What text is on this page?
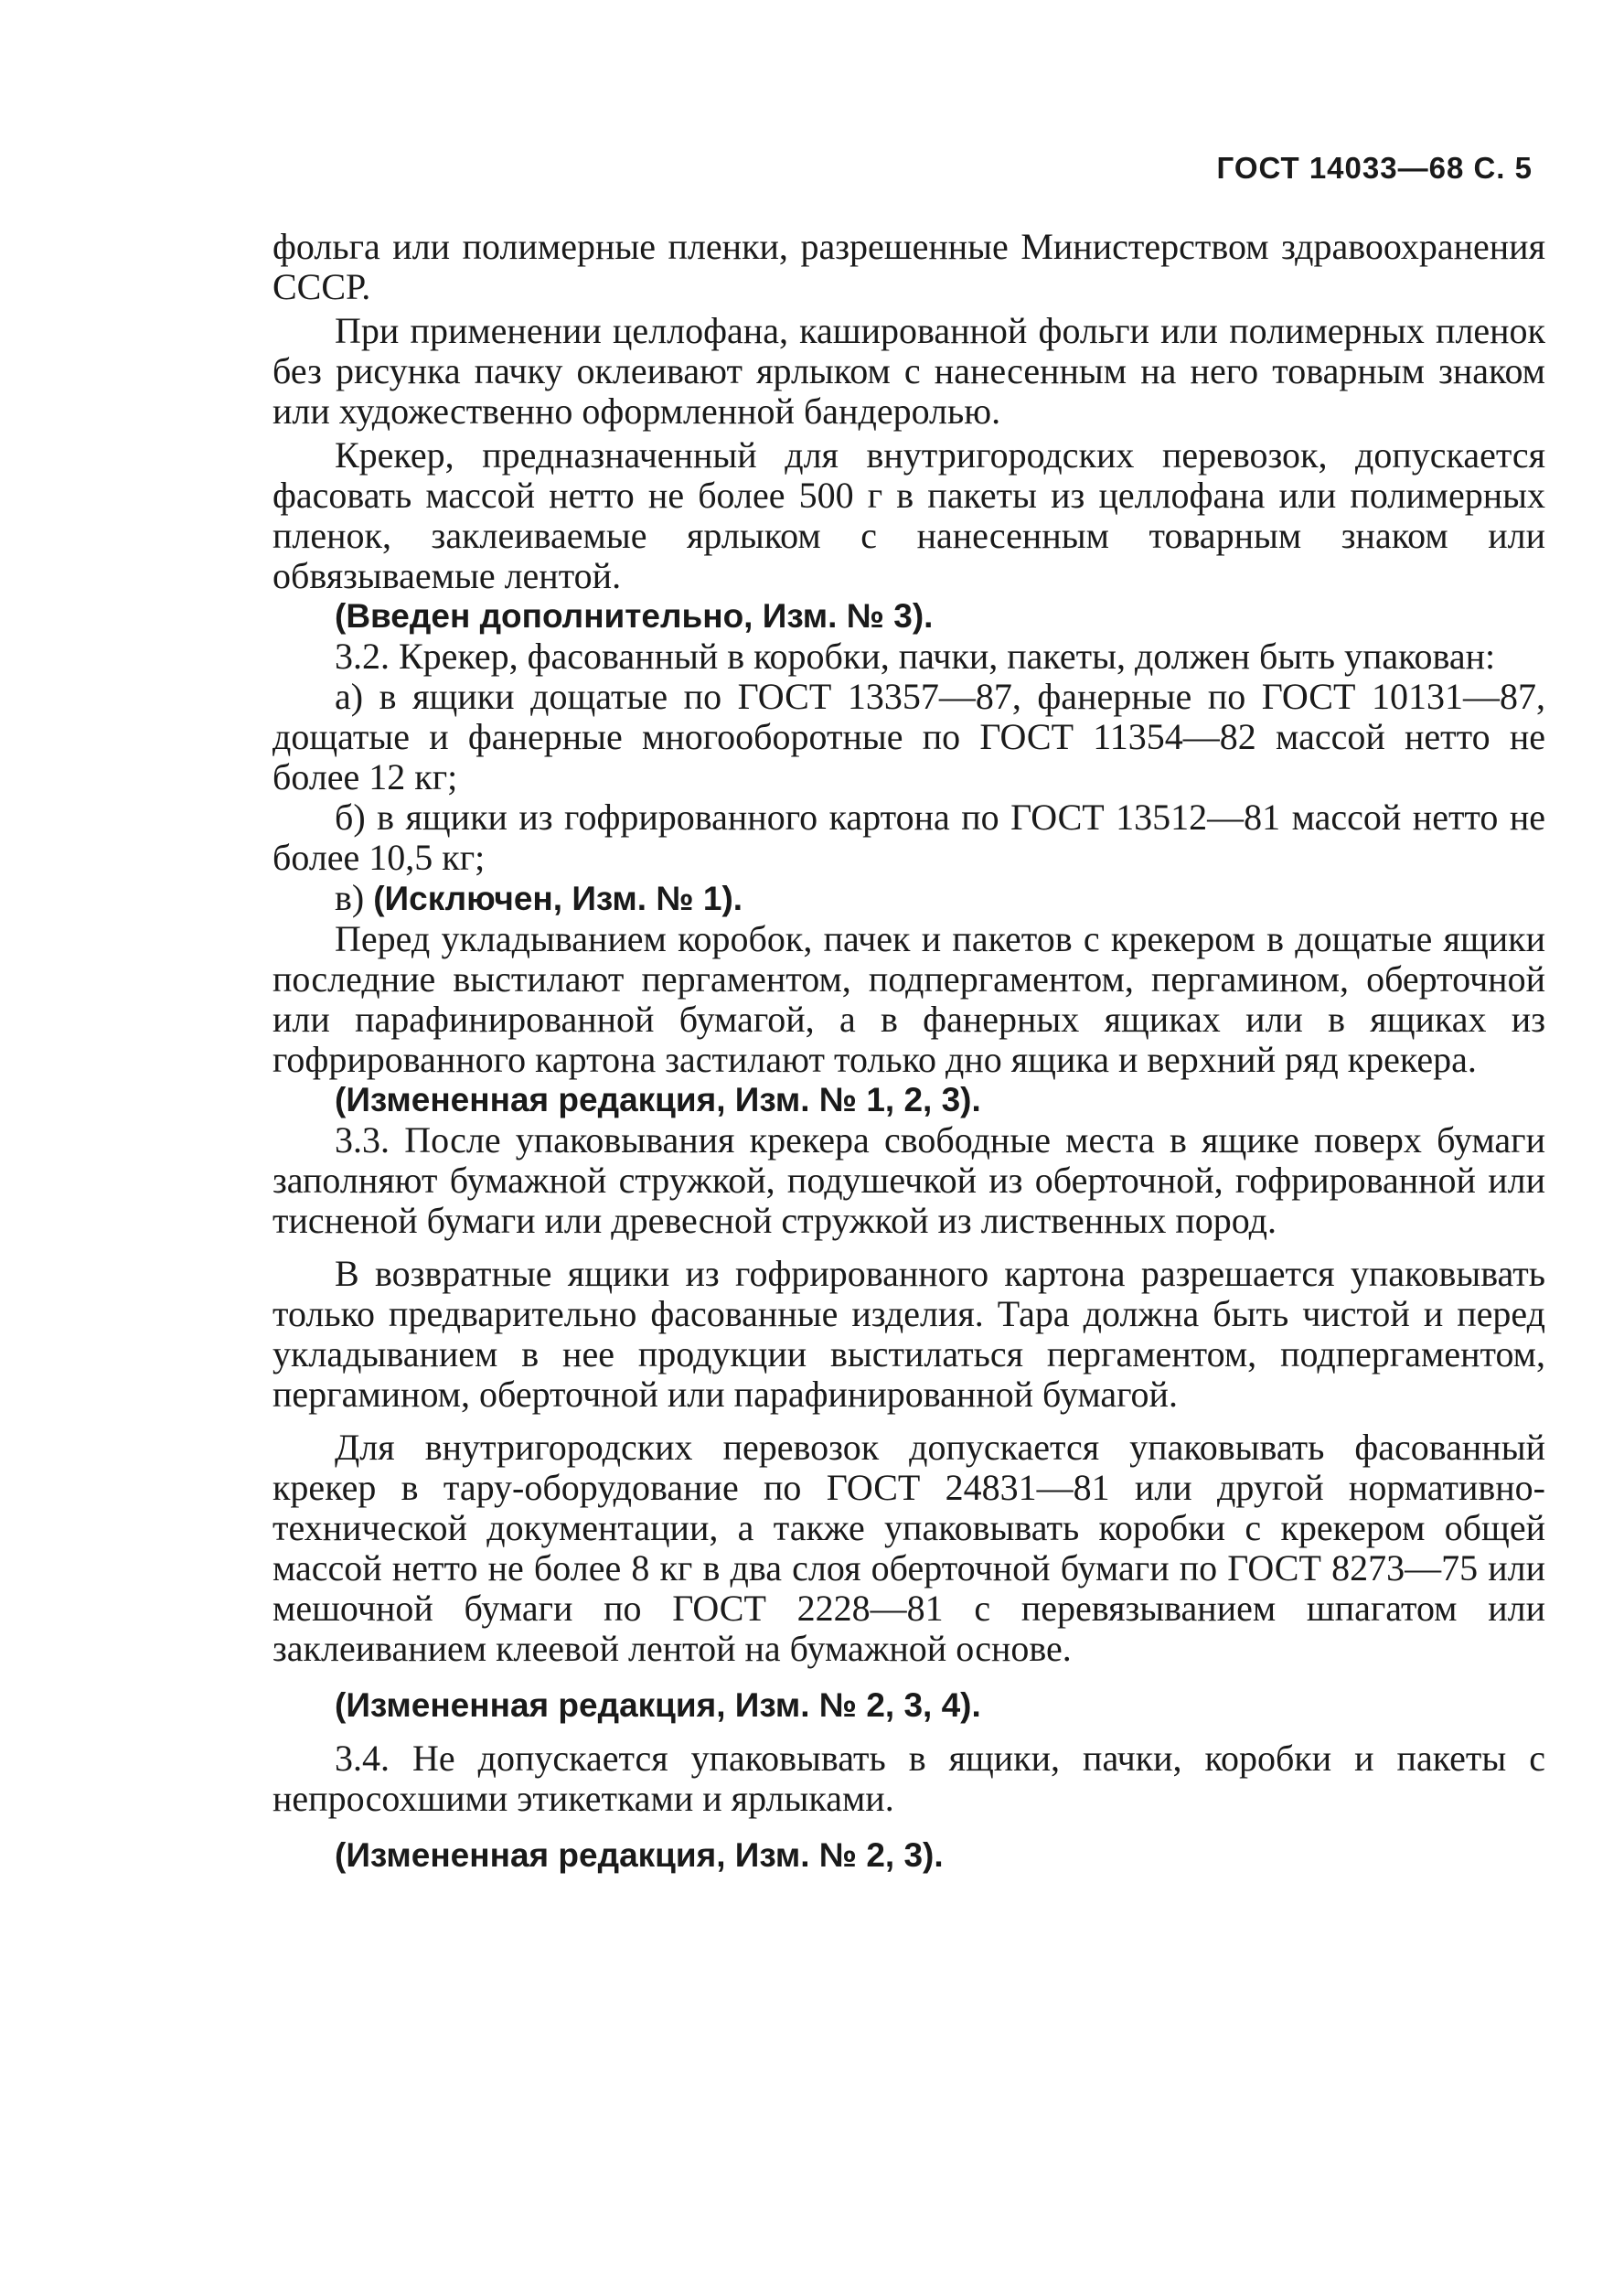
ГОСТ 14033—68 С. 5

фольга или полимерные пленки, разрешенные Министерством здравоохранения СССР.

При применении целлофана, кашированной фольги или полимерных пленок без рисунка пачку оклеивают ярлыком с нанесенным на него товарным знаком или художественно оформленной бандеролью.

Крекер, предназначенный для внутригородских перевозок, допускается фасовать массой нетто не более 500 г в пакеты из целлофана или полимерных пленок, заклеиваемые ярлыком с нанесенным товарным знаком или обвязываемые лентой.

(Введен дополнительно, Изм. № 3).

3.2. Крекер, фасованный в коробки, пачки, пакеты, должен быть упакован:

а) в ящики дощатые по ГОСТ 13357—87, фанерные по ГОСТ 10131—87, дощатые и фанерные многооборотные по ГОСТ 11354—82 массой нетто не более 12 кг;

б) в ящики из гофрированного картона по ГОСТ 13512—81 массой нетто не более 10,5 кг;

в) (Исключен, Изм. № 1).

Перед укладыванием коробок, пачек и пакетов с крекером в дощатые ящики последние выстилают пергаментом, подпергаментом, пергамином, оберточной или парафинированной бумагой, а в фанерных ящиках или в ящиках из гофрированного картона застилают только дно ящика и верхний ряд крекера.

(Измененная редакция, Изм. № 1, 2, 3).

3.3. После упаковывания крекера свободные места в ящике поверх бумаги заполняют бумажной стружкой, подушечкой из оберточной, гофрированной или тисненой бумаги или древесной стружкой из лиственных пород.

В возвратные ящики из гофрированного картона разрешается упаковывать только предварительно фасованные изделия. Тара должна быть чистой и перед укладыванием в нее продукции выстилаться пергаментом, подпергаментом, пергамином, оберточной или парафинированной бумагой.

Для внутригородских перевозок допускается упаковывать фасованный крекер в тару-оборудование по ГОСТ 24831—81 или другой нормативно-технической документации, а также упаковывать коробки с крекером общей массой нетто не более 8 кг в два слоя оберточной бумаги по ГОСТ 8273—75 или мешочной бумаги по ГОСТ 2228—81 с перевязыванием шпагатом или заклеиванием клеевой лентой на бумажной основе.

(Измененная редакция, Изм. № 2, 3, 4).

3.4. Не допускается упаковывать в ящики, пачки, коробки и пакеты с непросохшими этикетками и ярлыками.

(Измененная редакция, Изм. № 2, 3).
